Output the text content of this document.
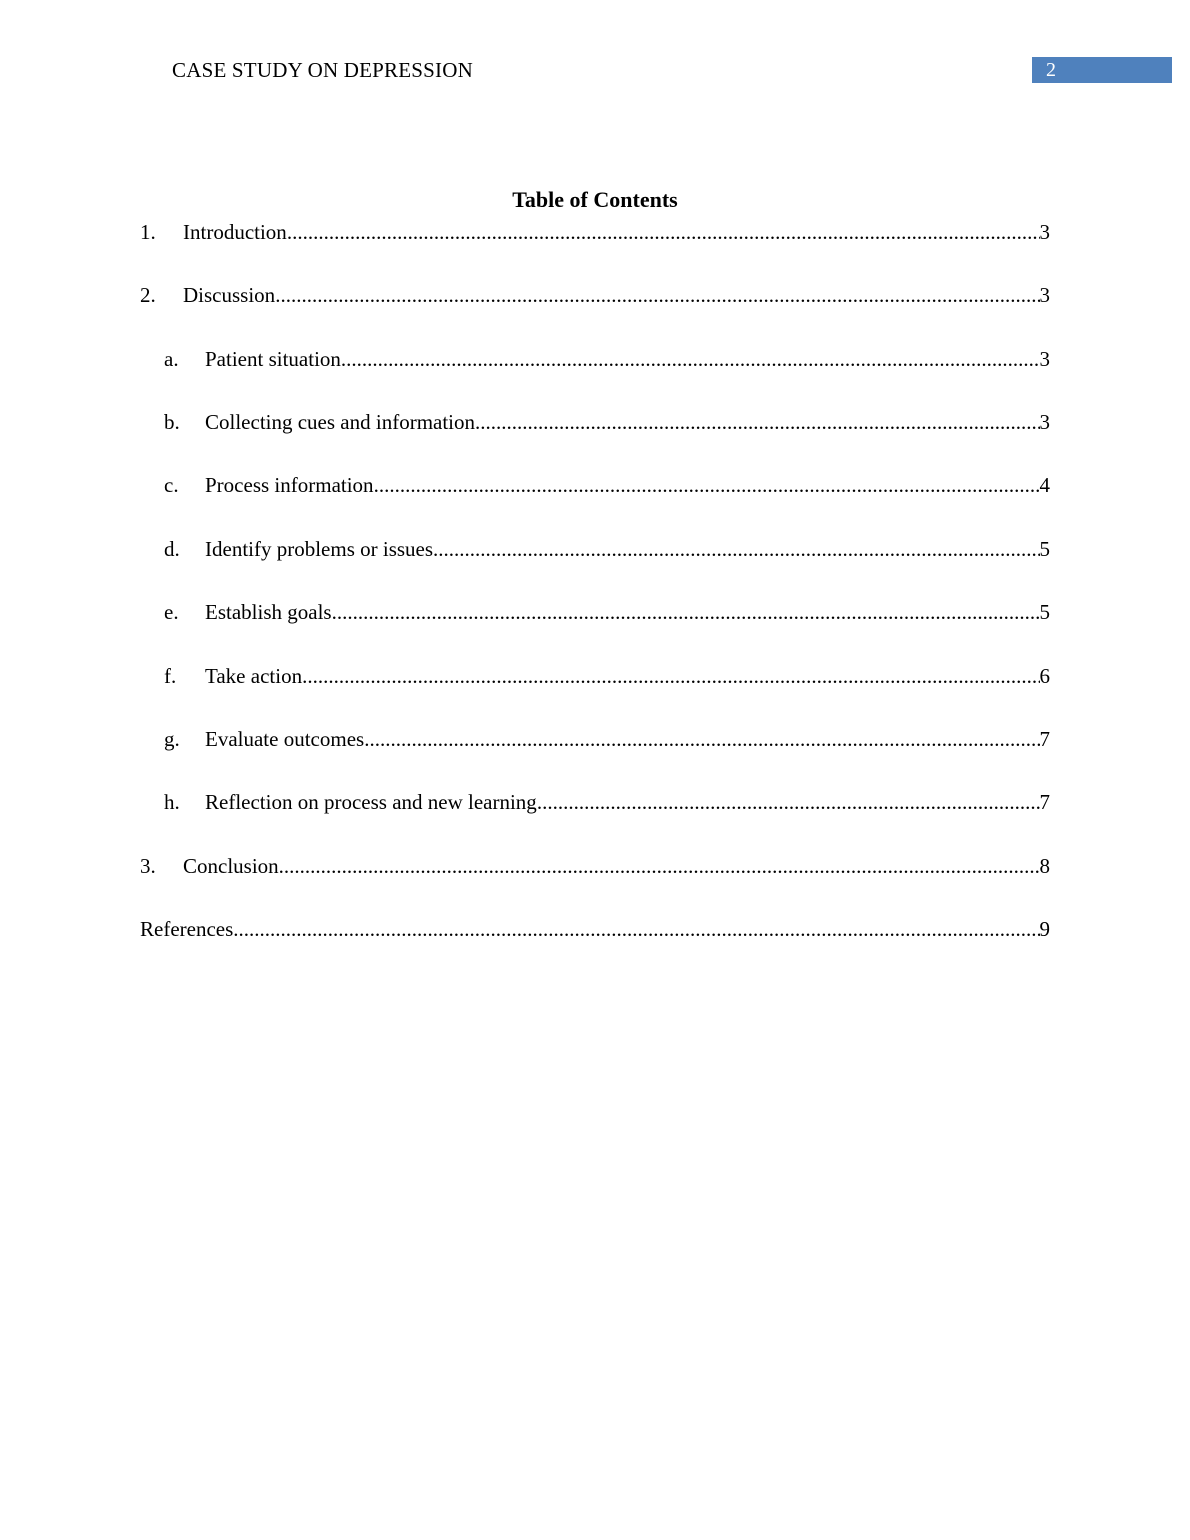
CASE STUDY ON DEPRESSION	2
Table of Contents
1.	Introduction .....	3
2.	Discussion .....	3
a.	Patient situation .....	3
b.	Collecting cues and information .....	3
c.	Process information .....	4
d.	Identify problems or issues .....	5
e.	Establish goals .....	5
f.	Take action .....	6
g.	Evaluate outcomes .....	7
h.	Reflection on process and new learning .....	7
3.	Conclusion .....	8
References .....	9
